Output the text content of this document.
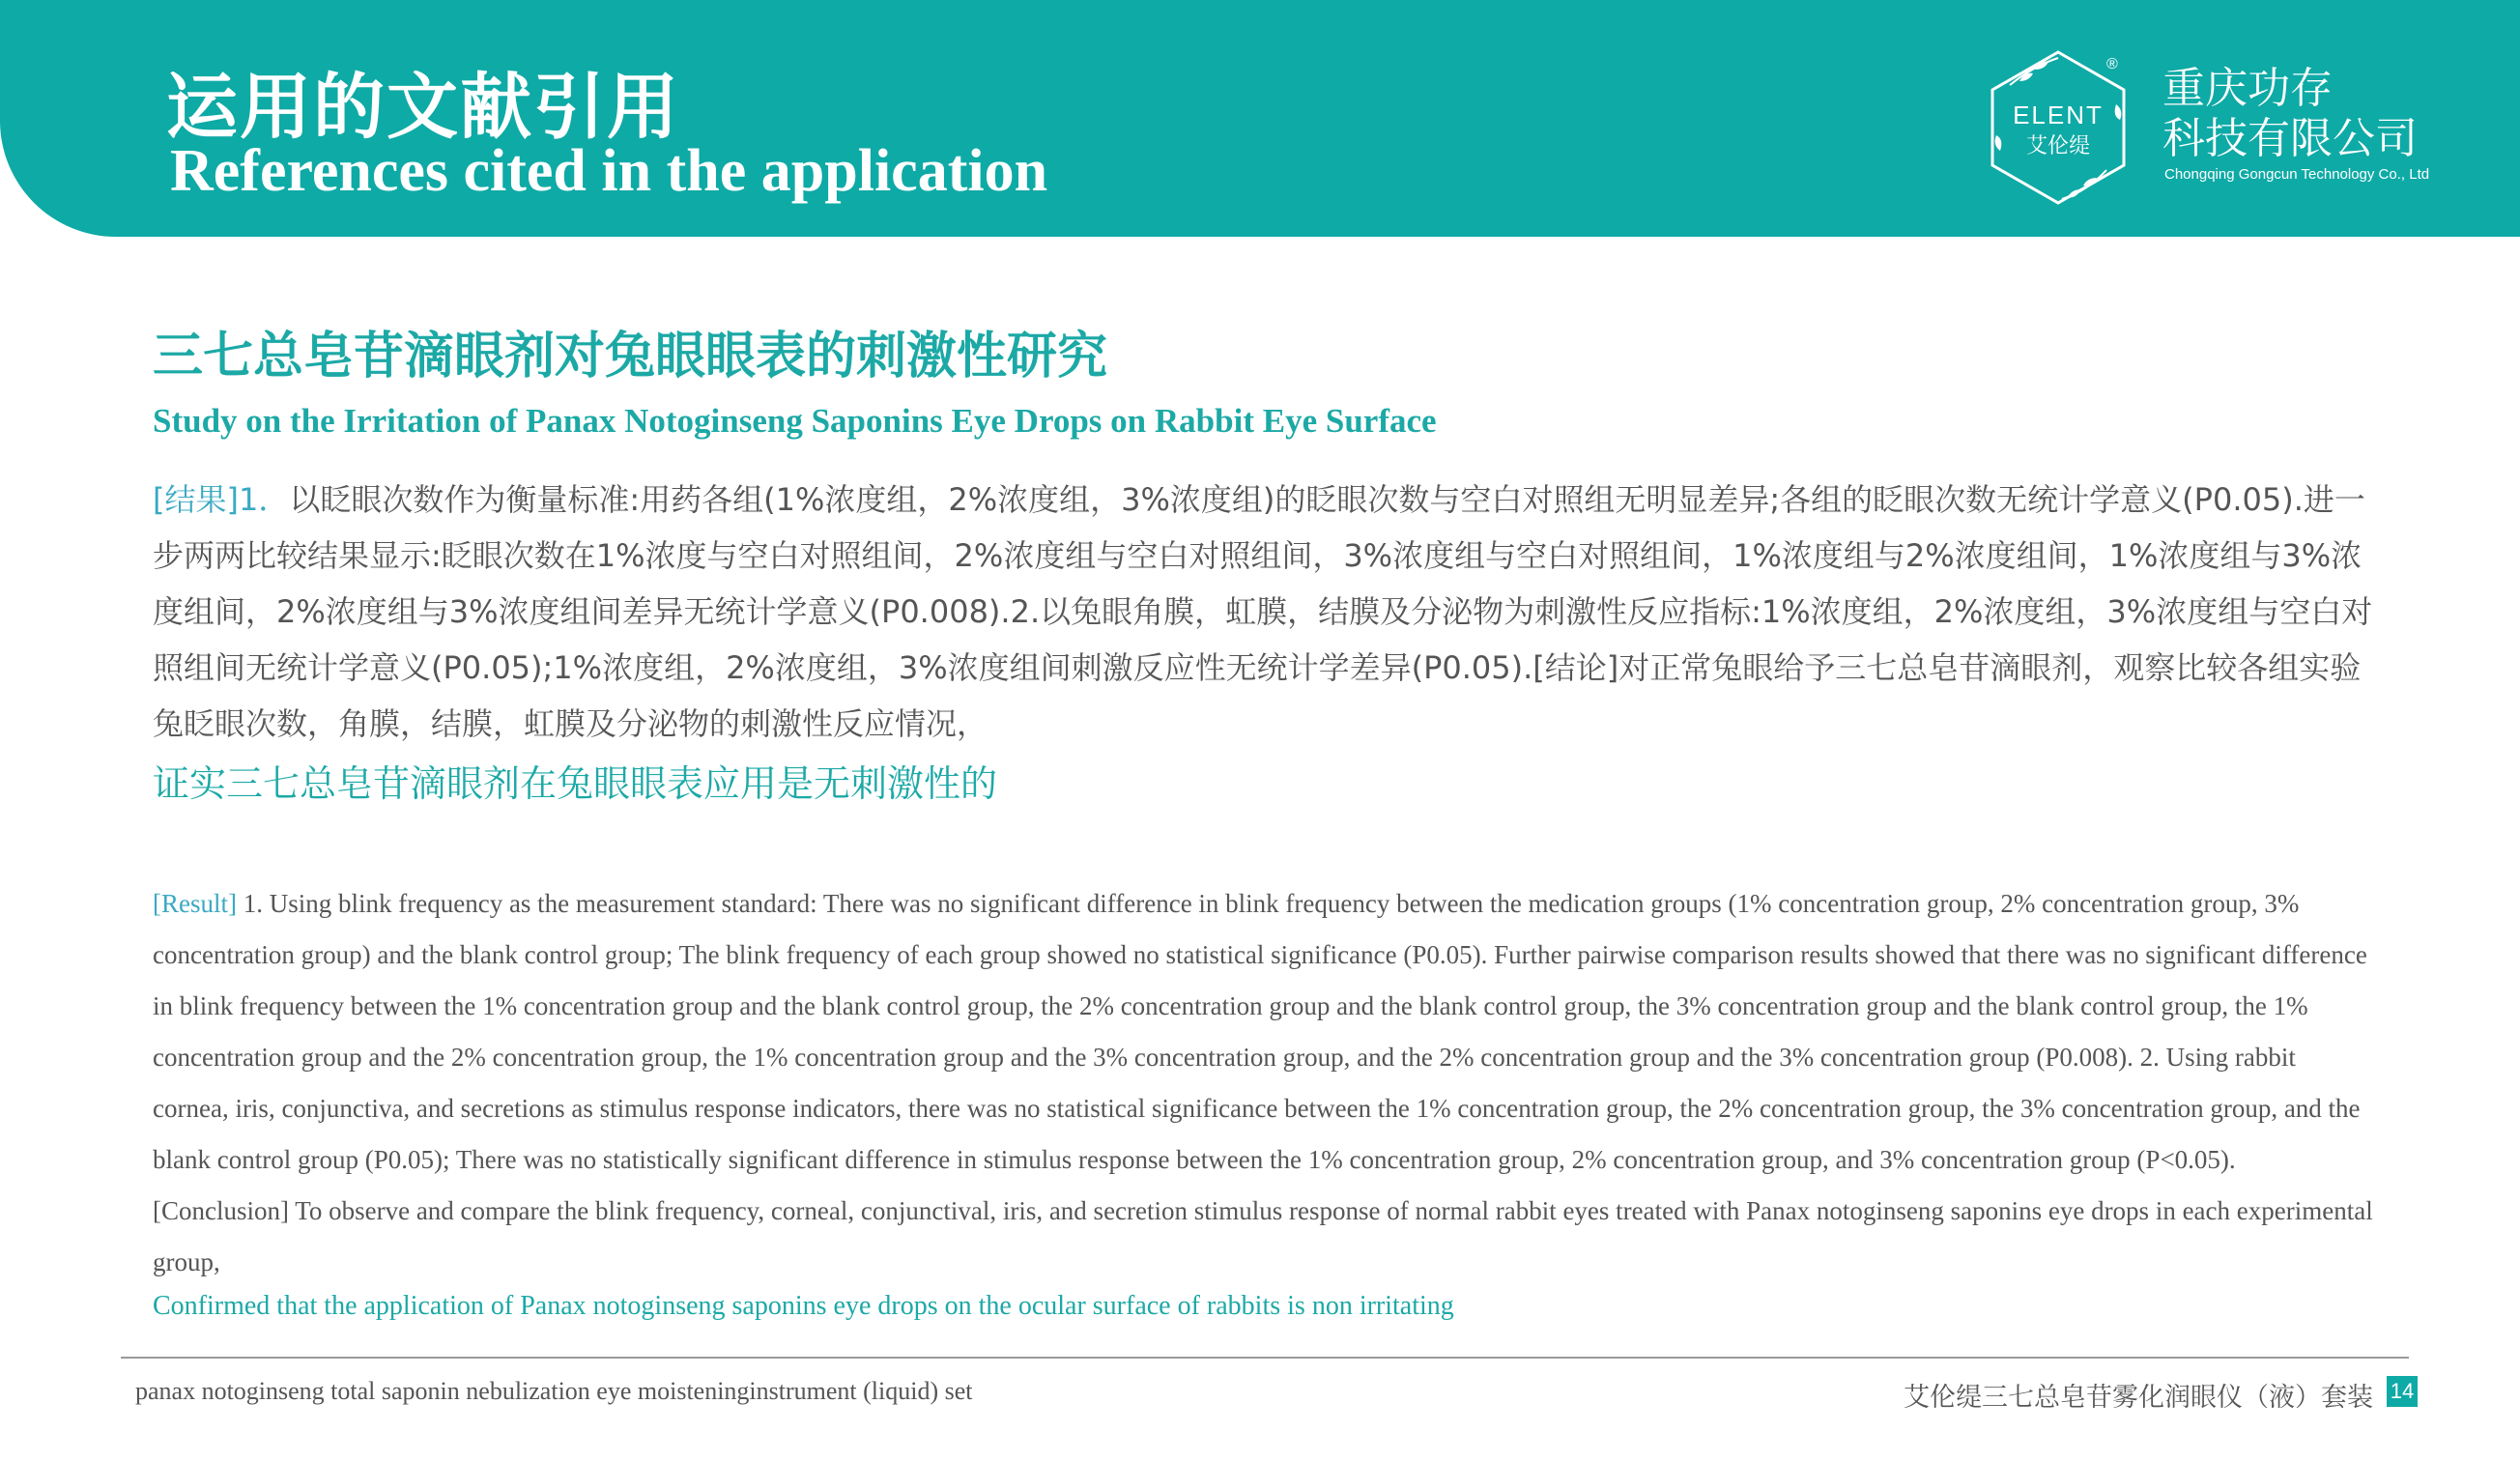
运用的文献引用
References cited in the application
ELENT
艾伦缇
® 重庆功存
科技有限公司
Chongqing Gongcun Technology Co., Ltd
三七总皂苷滴眼剂对兔眼眼表的刺激性研究
Study on the Irritation of Panax Notoginseng Saponins Eye Drops on Rabbit Eye Surface

[结果]1．以眨眼次数作为衡量标准:用药各组(1%浓度组，2%浓度组，3%浓度组)的眨眼次数与空白对照组无明显差异;各组的眨眼次数无统计学意义(P0.05).进一步两两比较结果显示:眨眼次数在1%浓度与空白对照组间，2%浓度组与空白对照组间，3%浓度组与空白对照组间，1%浓度组与2%浓度组间，1%浓度组与3%浓度组间，2%浓度组与3%浓度组间差异无统计学意义(P0.008).2.以兔眼角膜，虹膜，结膜及分泌物为刺激性反应指标:1%浓度组，2%浓度组，3%浓度组与空白对照组间无统计学意义(P0.05);1%浓度组，2%浓度组，3%浓度组间刺激反应性无统计学差异(P0.05).[结论]对正常兔眼给予三七总皂苷滴眼剂，观察比较各组实验兔眨眼次数，角膜，结膜，虹膜及分泌物的刺激性反应情况，

证实三七总皂苷滴眼剂在兔眼眼表应用是无刺激性的

[Result] 1. Using blink frequency as the measurement standard: There was no significant difference in blink frequency between the medication groups (1% concentration group, 2% concentration group, 3% concentration group) and the blank control group; The blink frequency of each group showed no statistical significance (P0.05). Further pairwise comparison results showed that there was no significant difference in blink frequency between the 1% concentration group and the blank control group, the 2% concentration group and the blank control group, the 3% concentration group and the blank control group, the 1% concentration group and the 2% concentration group, the 1% concentration group and the 3% concentration group, and the 2% concentration group and the 3% concentration group (P0.008). 2. Using rabbit cornea, iris, conjunctiva, and secretions as stimulus response indicators, there was no statistical significance between the 1% concentration group, the 2% concentration group, the 3% concentration group, and the blank control group (P0.05); There was no statistically significant difference in stimulus response between the 1% concentration group, 2% concentration group, and 3% concentration group (P<0.05). [Conclusion] To observe and compare the blink frequency, corneal, conjunctival, iris, and secretion stimulus response of normal rabbit eyes treated with Panax notoginseng saponins eye drops in each experimental group,

Confirmed that the application of Panax notoginseng saponins eye drops on the ocular surface of rabbits is non irritating
panax notoginseng total saponin nebulization eye moisteninginstrument (liquid) set	艾伦缇三七总皂苷雾化润眼仪（液）套装 14
